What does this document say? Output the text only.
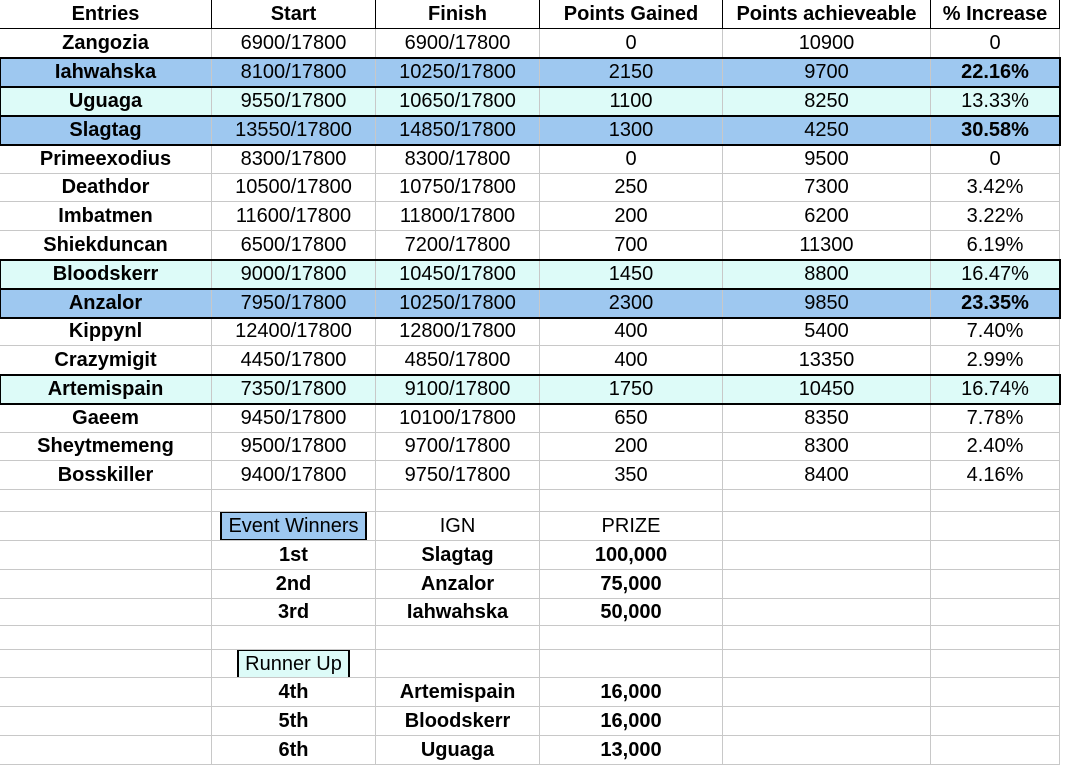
Entries	Start	Finish	Points Gained	Points achieveable	% Increase
Zangozia	6900/17800	6900/17800	0	10900	0
Iahwahska	8100/17800	10250/17800	2150	9700	22.16%
Uguaga	9550/17800	10650/17800	1100	8250	13.33%
Slagtag	13550/17800	14850/17800	1300	4250	30.58%
Primeexodius	8300/17800	8300/17800	0	9500	0
Deathdor	10500/17800	10750/17800	250	7300	3.42%
Imbatmen	11600/17800	11800/17800	200	6200	3.22%
Shiekduncan	6500/17800	7200/17800	700	11300	6.19%
Bloodskerr	9000/17800	10450/17800	1450	8800	16.47%
Anzalor	7950/17800	10250/17800	2300	9850	23.35%
Kippynl	12400/17800	12800/17800	400	5400	7.40%
Crazymigit	4450/17800	4850/17800	400	13350	2.99%
Artemispain	7350/17800	9100/17800	1750	10450	16.74%
Gaeem	9450/17800	10100/17800	650	8350	7.78%
Sheytmemeng	9500/17800	9700/17800	200	8300	2.40%
Bosskiller	9400/17800	9750/17800	350	8400	4.16%
Event Winners	IGN	PRIZE
1st	Slagtag	100,000
2nd	Anzalor	75,000
3rd	Iahwahska	50,000
Runner Up
4th	Artemispain	16,000
5th	Bloodskerr	16,000
6th	Uguaga	13,000
